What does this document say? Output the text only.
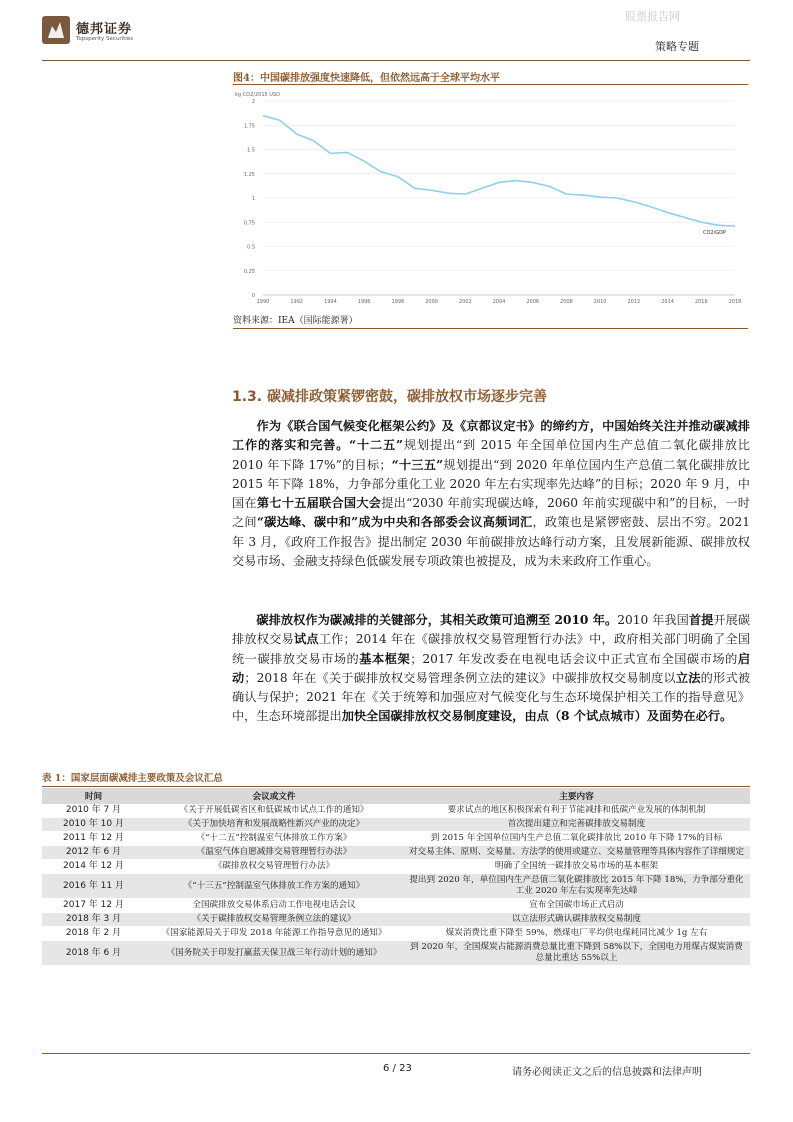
德邦证券
Topsperity Securities
股票报告网
策略专题
图4：中国碳排放强度快速降低，但依然远高于全球平均水平
kg CO2/2015 USD
0
0.25
0.5
0.75
1
1.25
1.5
1.75
2
1990	1992	1994	1996	1998	2000	2002	2004	2006	2008	2010	2012	2014	2016	2018
CO2/GDP
资料来源：IEA（国际能源署）
1.3. 碳减排政策紧锣密鼓，碳排放权市场逐步完善
  作为《联合国气候变化框架公约》及《京都议定书》的缔约方，中国始终关注并推动碳减排工作的落实和完善。“十二五”规划提出“到 2015 年全国单位国内生产总值二氧化碳排放比 2010 年下降 17%”的目标；“十三五”规划提出“到 2020 年单位国内生产总值二氧化碳排放比 2015 年下降 18%，力争部分重化工业 2020 年左右实现率先达峰”的目标；2020 年 9 月，中国在第七十五届联合国大会提出“2030 年前实现碳达峰，2060 年前实现碳中和”的目标，一时之间“碳达峰、碳中和”成为中央和各部委会议高频词汇，政策也是紧锣密鼓、层出不穷。2021 年 3 月，《政府工作报告》提出制定 2030 年前碳排放达峰行动方案，且发展新能源、碳排放权交易市场、金融支持绿色低碳发展专项政策也被提及，成为未来政府工作重心。
  碳排放权作为碳减排的关键部分，其相关政策可追溯至 2010 年。2010 年我国首提开展碳排放权交易试点工作；2014 年在《碳排放权交易管理暂行办法》中，政府相关部门明确了全国统一碳排放交易市场的基本框架；2017 年发改委在电视电话会议中正式宣布全国碳市场的启动；2018 年在《关于碳排放权交易管理条例立法的建议》中碳排放权交易制度以立法的形式被确认与保护；2021 年在《关于统筹和加强应对气候变化与生态环境保护相关工作的指导意见》中，生态环境部提出加快全国碳排放权交易制度建设，由点（8 个试点城市）及面势在必行。
表 1：国家层面碳减排主要政策及会议汇总
时间	会议或文件	主要内容
2010 年 7 月	《关于开展低碳省区和低碳城市试点工作的通知》	要求试点的地区积极探索有利于节能减排和低碳产业发展的体制机制
2010 年 10 月	《关于加快培育和发展战略性新兴产业的决定》	首次提出建立和完善碳排放交易制度
2011 年 12 月	《“十二五”控制温室气体排放工作方案》	到 2015 年全国单位国内生产总值二氧化碳排放比 2010 年下降 17%的目标
2012 年 6 月	《温室气体自愿减排交易管理暂行办法》	对交易主体、原则、交易量、方法学的使用或建立、交易量管理等具体内容作了详细规定
2014 年 12 月	《碳排放权交易管理暂行办法》	明确了全国统一碳排放交易市场的基本框架
2016 年 11 月	《“十三五”控制温室气体排放工作方案的通知》	提出到 2020 年，单位国内生产总值二氧化碳排放比 2015 年下降 18%，力争部分重化工业 2020 年左右实现率先达峰
2017 年 12 月	全国碳排放交易体系启动工作电视电话会议	宣布全国碳市场正式启动
2018 年 3 月	《关于碳排放权交易管理条例立法的建议》	以立法形式确认碳排放权交易制度
2018 年 2 月	《国家能源局关于印发 2018 年能源工作指导意见的通知》	煤炭消费比重下降至 59%，燃煤电厂平均供电煤耗同比减少 1g 左右
2018 年 6 月	《国务院关于印发打赢蓝天保卫战三年行动计划的通知》	到 2020 年，全国煤炭占能源消费总量比重下降到 58%以下，全国电力用煤占煤炭消费总量比重达 55%以上
6 / 23	请务必阅读正文之后的信息披露和法律声明
